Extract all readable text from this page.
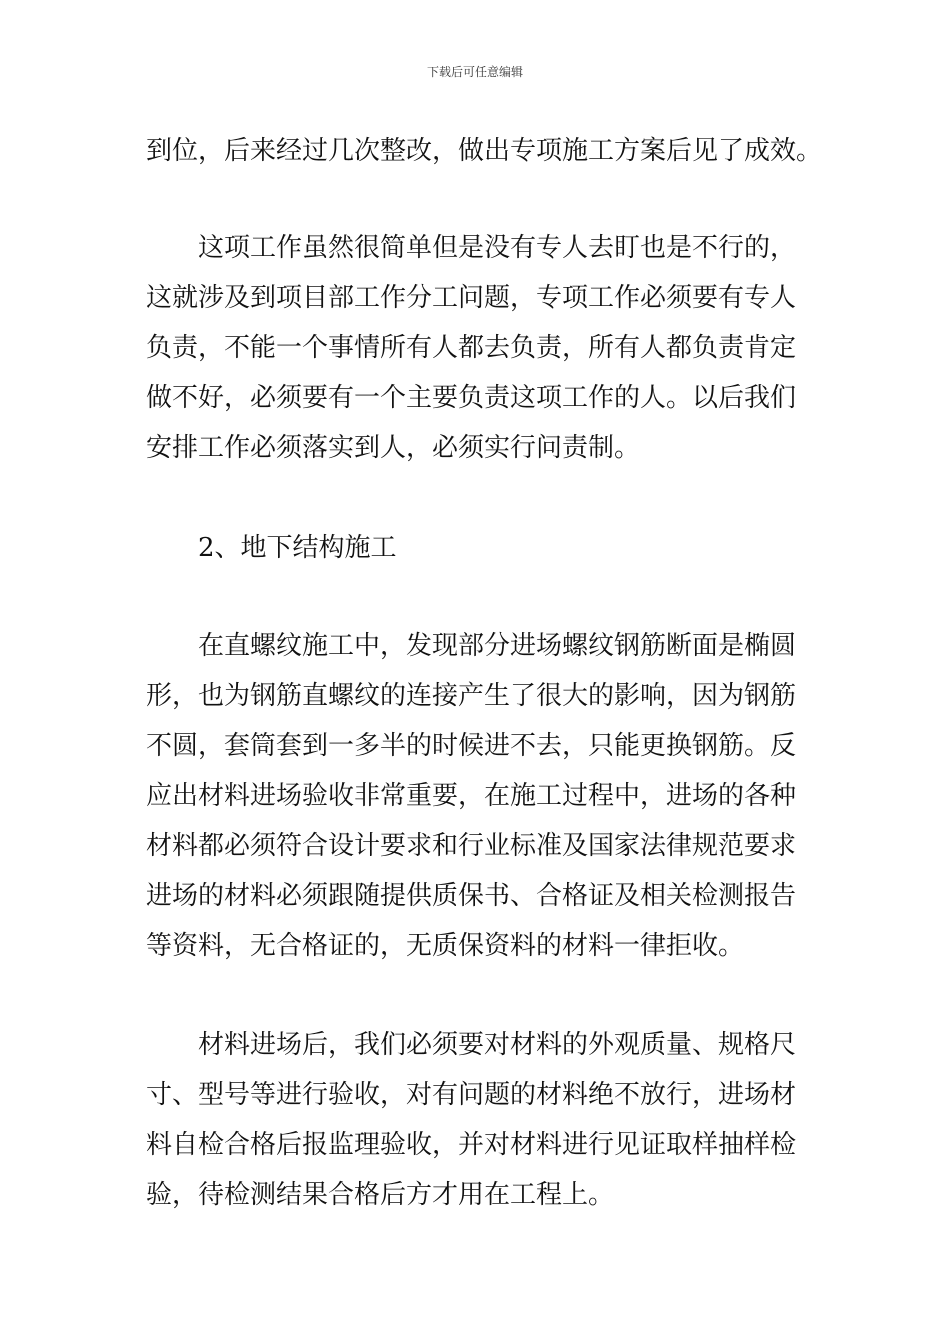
下载后可任意编辑
到位，后来经过几次整改，做出专项施工方案后见了成效。
这项工作虽然很简单但是没有专人去盯也是不行的，
这就涉及到项目部工作分工问题，专项工作必须要有专人
负责，不能一个事情所有人都去负责，所有人都负责肯定
做不好，必须要有一个主要负责这项工作的人。以后我们
安排工作必须落实到人，必须实行问责制。
2、地下结构施工
在直螺纹施工中，发现部分进场螺纹钢筋断面是椭圆
形，也为钢筋直螺纹的连接产生了很大的影响，因为钢筋
不圆，套筒套到一多半的时候进不去，只能更换钢筋。反
应出材料进场验收非常重要，在施工过程中，进场的各种
材料都必须符合设计要求和行业标准及国家法律规范要求
进场的材料必须跟随提供质保书、合格证及相关检测报告
等资料，无合格证的，无质保资料的材料一律拒收。
材料进场后，我们必须要对材料的外观质量、规格尺
寸、型号等进行验收，对有问题的材料绝不放行，进场材
料自检合格后报监理验收，并对材料进行见证取样抽样检
验，待检测结果合格后方才用在工程上。
